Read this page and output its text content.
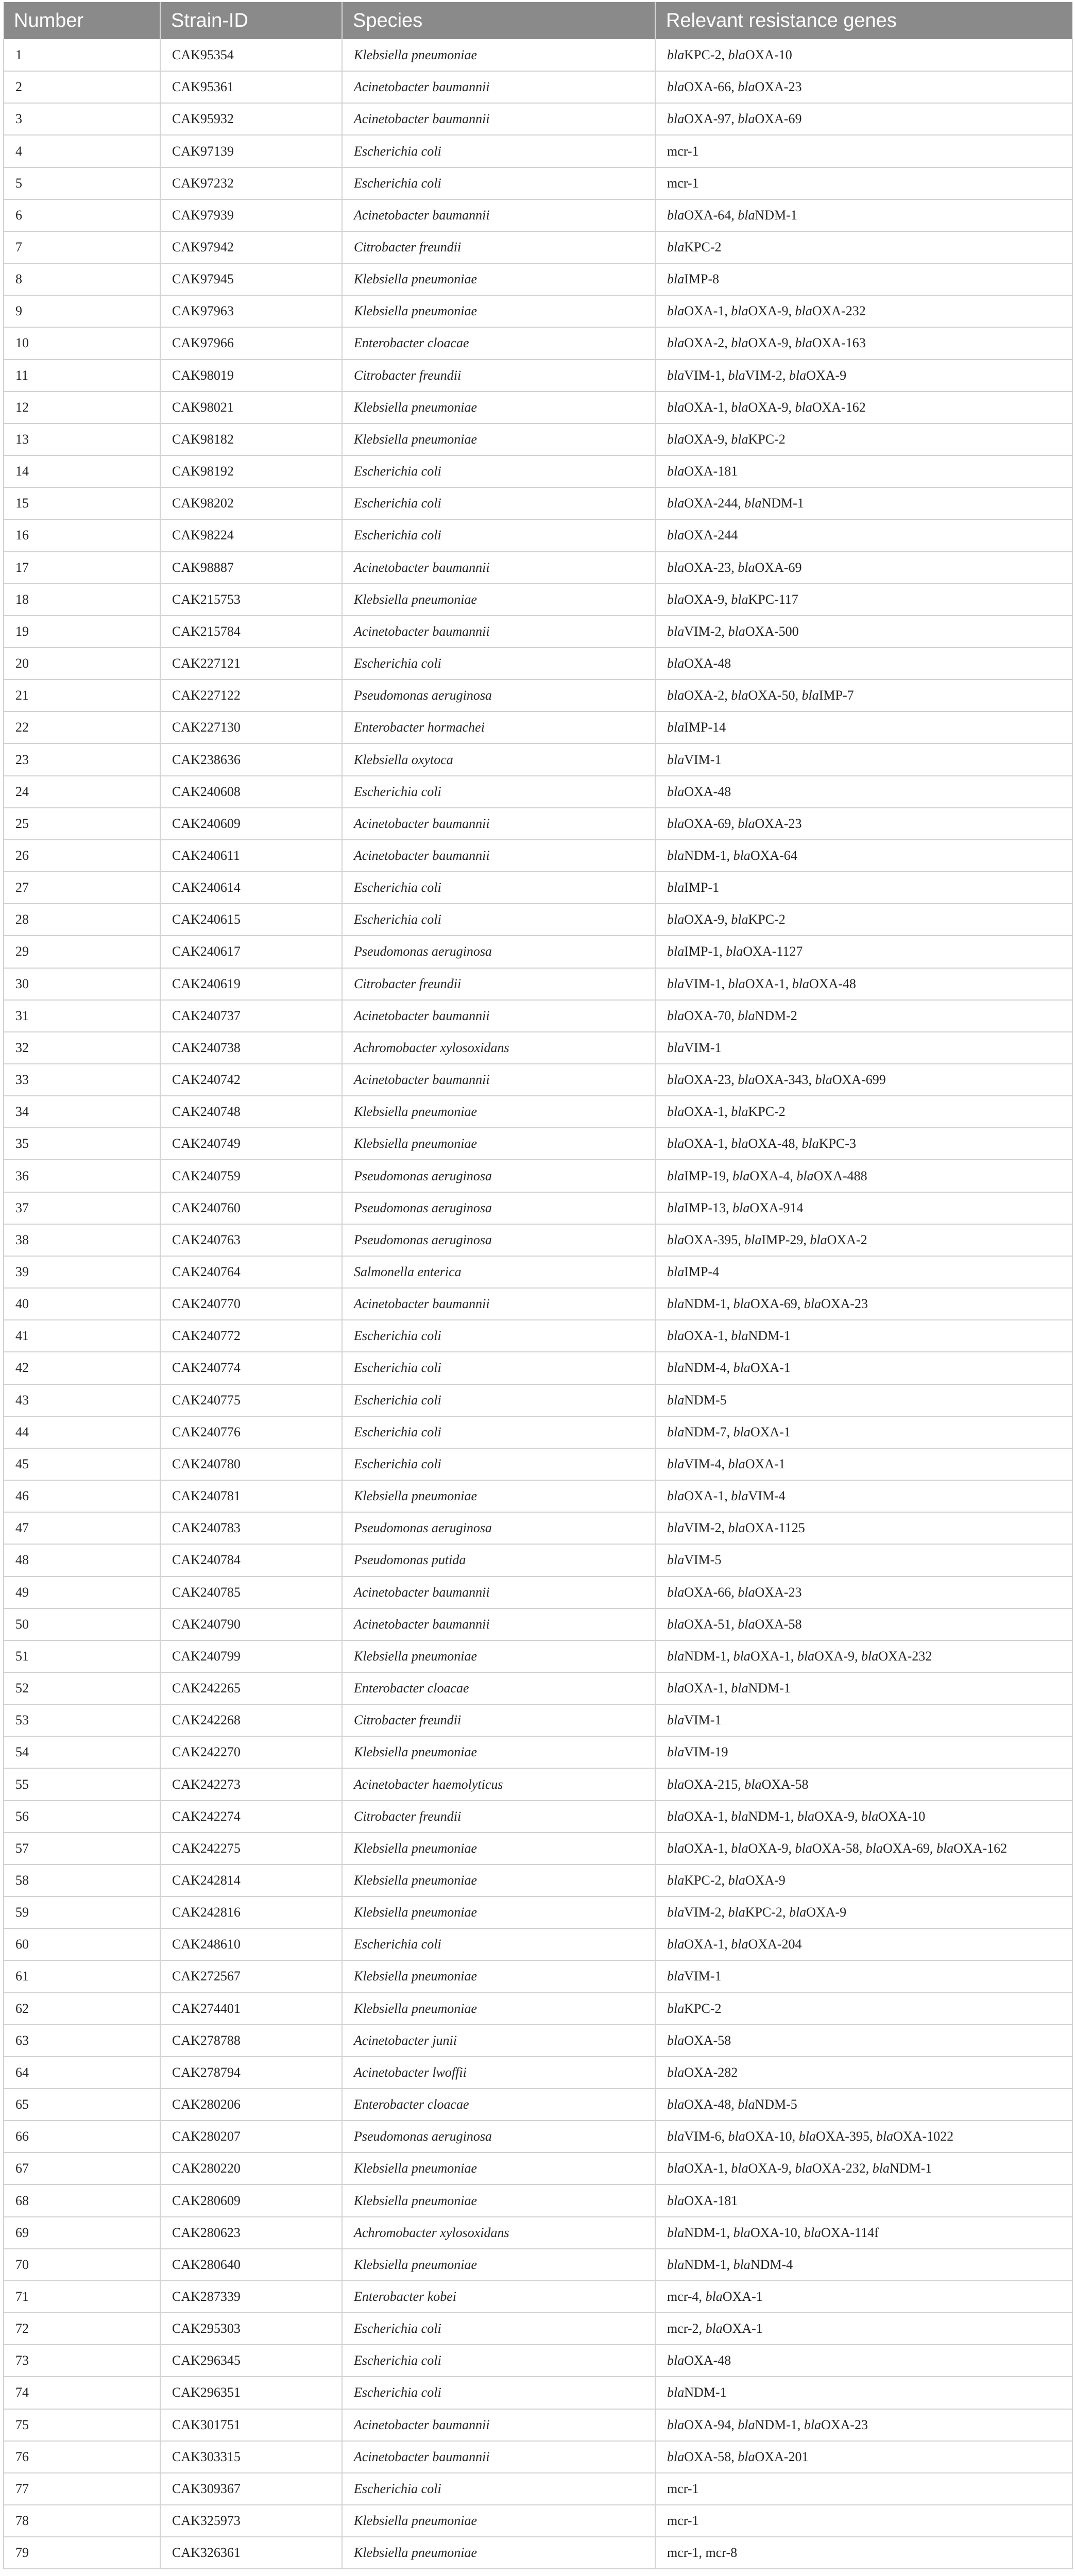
Number	Strain-ID	Species	Relevant resistance genes
1	CAK95354	Klebsiella pneumoniae	blaKPC-2, blaOXA-10
2	CAK95361	Acinetobacter baumannii	blaOXA-66, blaOXA-23
3	CAK95932	Acinetobacter baumannii	blaOXA-97, blaOXA-69
4	CAK97139	Escherichia coli	mcr-1
5	CAK97232	Escherichia coli	mcr-1
6	CAK97939	Acinetobacter baumannii	blaOXA-64, blaNDM-1
7	CAK97942	Citrobacter freundii	blaKPC-2
8	CAK97945	Klebsiella pneumoniae	blaIMP-8
9	CAK97963	Klebsiella pneumoniae	blaOXA-1, blaOXA-9, blaOXA-232
10	CAK97966	Enterobacter cloacae	blaOXA-2, blaOXA-9, blaOXA-163
11	CAK98019	Citrobacter freundii	blaVIM-1, blaVIM-2, blaOXA-9
12	CAK98021	Klebsiella pneumoniae	blaOXA-1, blaOXA-9, blaOXA-162
13	CAK98182	Klebsiella pneumoniae	blaOXA-9, blaKPC-2
14	CAK98192	Escherichia coli	blaOXA-181
15	CAK98202	Escherichia coli	blaOXA-244, blaNDM-1
16	CAK98224	Escherichia coli	blaOXA-244
17	CAK98887	Acinetobacter baumannii	blaOXA-23, blaOXA-69
18	CAK215753	Klebsiella pneumoniae	blaOXA-9, blaKPC-117
19	CAK215784	Acinetobacter baumannii	blaVIM-2, blaOXA-500
20	CAK227121	Escherichia coli	blaOXA-48
21	CAK227122	Pseudomonas aeruginosa	blaOXA-2, blaOXA-50, blaIMP-7
22	CAK227130	Enterobacter hormachei	blaIMP-14
23	CAK238636	Klebsiella oxytoca	blaVIM-1
24	CAK240608	Escherichia coli	blaOXA-48
25	CAK240609	Acinetobacter baumannii	blaOXA-69, blaOXA-23
26	CAK240611	Acinetobacter baumannii	blaNDM-1, blaOXA-64
27	CAK240614	Escherichia coli	blaIMP-1
28	CAK240615	Escherichia coli	blaOXA-9, blaKPC-2
29	CAK240617	Pseudomonas aeruginosa	blaIMP-1, blaOXA-1127
30	CAK240619	Citrobacter freundii	blaVIM-1, blaOXA-1, blaOXA-48
31	CAK240737	Acinetobacter baumannii	blaOXA-70, blaNDM-2
32	CAK240738	Achromobacter xylosoxidans	blaVIM-1
33	CAK240742	Acinetobacter baumannii	blaOXA-23, blaOXA-343, blaOXA-699
34	CAK240748	Klebsiella pneumoniae	blaOXA-1, blaKPC-2
35	CAK240749	Klebsiella pneumoniae	blaOXA-1, blaOXA-48, blaKPC-3
36	CAK240759	Pseudomonas aeruginosa	blaIMP-19, blaOXA-4, blaOXA-488
37	CAK240760	Pseudomonas aeruginosa	blaIMP-13, blaOXA-914
38	CAK240763	Pseudomonas aeruginosa	blaOXA-395, blaIMP-29, blaOXA-2
39	CAK240764	Salmonella enterica	blaIMP-4
40	CAK240770	Acinetobacter baumannii	blaNDM-1, blaOXA-69, blaOXA-23
41	CAK240772	Escherichia coli	blaOXA-1, blaNDM-1
42	CAK240774	Escherichia coli	blaNDM-4, blaOXA-1
43	CAK240775	Escherichia coli	blaNDM-5
44	CAK240776	Escherichia coli	blaNDM-7, blaOXA-1
45	CAK240780	Escherichia coli	blaVIM-4, blaOXA-1
46	CAK240781	Klebsiella pneumoniae	blaOXA-1, blaVIM-4
47	CAK240783	Pseudomonas aeruginosa	blaVIM-2, blaOXA-1125
48	CAK240784	Pseudomonas putida	blaVIM-5
49	CAK240785	Acinetobacter baumannii	blaOXA-66, blaOXA-23
50	CAK240790	Acinetobacter baumannii	blaOXA-51, blaOXA-58
51	CAK240799	Klebsiella pneumoniae	blaNDM-1, blaOXA-1, blaOXA-9, blaOXA-232
52	CAK242265	Enterobacter cloacae	blaOXA-1, blaNDM-1
53	CAK242268	Citrobacter freundii	blaVIM-1
54	CAK242270	Klebsiella pneumoniae	blaVIM-19
55	CAK242273	Acinetobacter haemolyticus	blaOXA-215, blaOXA-58
56	CAK242274	Citrobacter freundii	blaOXA-1, blaNDM-1, blaOXA-9, blaOXA-10
57	CAK242275	Klebsiella pneumoniae	blaOXA-1, blaOXA-9, blaOXA-58, blaOXA-69, blaOXA-162
58	CAK242814	Klebsiella pneumoniae	blaKPC-2, blaOXA-9
59	CAK242816	Klebsiella pneumoniae	blaVIM-2, blaKPC-2, blaOXA-9
60	CAK248610	Escherichia coli	blaOXA-1, blaOXA-204
61	CAK272567	Klebsiella pneumoniae	blaVIM-1
62	CAK274401	Klebsiella pneumoniae	blaKPC-2
63	CAK278788	Acinetobacter junii	blaOXA-58
64	CAK278794	Acinetobacter lwoffii	blaOXA-282
65	CAK280206	Enterobacter cloacae	blaOXA-48, blaNDM-5
66	CAK280207	Pseudomonas aeruginosa	blaVIM-6, blaOXA-10, blaOXA-395, blaOXA-1022
67	CAK280220	Klebsiella pneumoniae	blaOXA-1, blaOXA-9, blaOXA-232, blaNDM-1
68	CAK280609	Klebsiella pneumoniae	blaOXA-181
69	CAK280623	Achromobacter xylosoxidans	blaNDM-1, blaOXA-10, blaOXA-114f
70	CAK280640	Klebsiella pneumoniae	blaNDM-1, blaNDM-4
71	CAK287339	Enterobacter kobei	mcr-4, blaOXA-1
72	CAK295303	Escherichia coli	mcr-2, blaOXA-1
73	CAK296345	Escherichia coli	blaOXA-48
74	CAK296351	Escherichia coli	blaNDM-1
75	CAK301751	Acinetobacter baumannii	blaOXA-94, blaNDM-1, blaOXA-23
76	CAK303315	Acinetobacter baumannii	blaOXA-58, blaOXA-201
77	CAK309367	Escherichia coli	mcr-1
78	CAK325973	Klebsiella pneumoniae	mcr-1
79	CAK326361	Klebsiella pneumoniae	mcr-1, mcr-8
